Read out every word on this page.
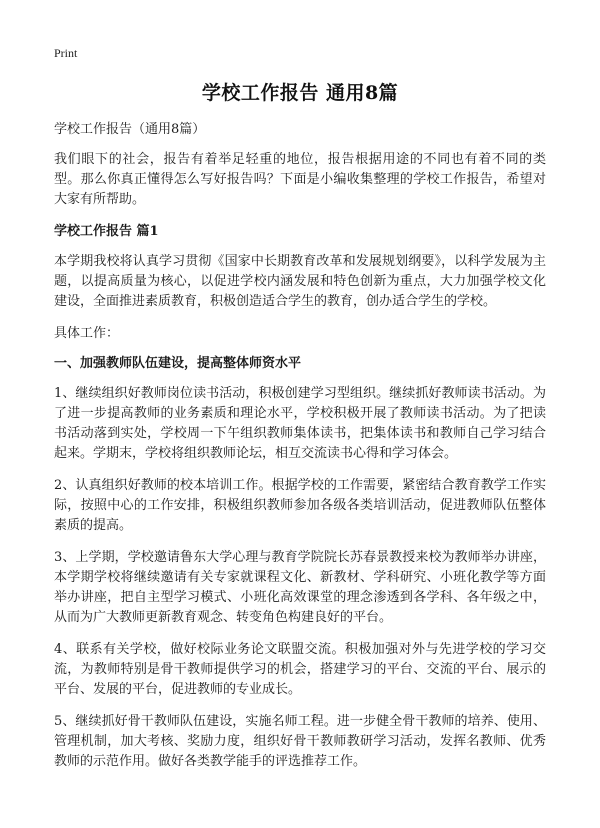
Print
学校工作报告 通用8篇

学校工作报告（通用8篇）

我们眼下的社会，报告有着举足轻重的地位，报告根据用途的不同也有着不同的类型。那么你真正懂得怎么写好报告吗？下面是小编收集整理的学校工作报告，希望对大家有所帮助。

学校工作报告 篇1

本学期我校将认真学习贯彻《国家中长期教育改革和发展规划纲要》，以科学发展为主题，以提高质量为核心，以促进学校内涵发展和特色创新为重点，大力加强学校文化建设，全面推进素质教育，积极创造适合学生的教育，创办适合学生的学校。

具体工作：

一、加强教师队伍建设，提高整体师资水平

1、继续组织好教师岗位读书活动，积极创建学习型组织。继续抓好教师读书活动。为了进一步提高教师的业务素质和理论水平，学校积极开展了教师读书活动。为了把读书活动落到实处，学校周一下午组织教师集体读书，把集体读书和教师自己学习结合起来。学期末，学校将组织教师论坛，相互交流读书心得和学习体会。

2、认真组织好教师的校本培训工作。根据学校的工作需要，紧密结合教育教学工作实际，按照中心的工作安排，积极组织教师参加各级各类培训活动，促进教师队伍整体素质的提高。

3、上学期，学校邀请鲁东大学心理与教育学院院长苏春景教授来校为教师举办讲座，本学期学校将继续邀请有关专家就课程文化、新教材、学科研究、小班化教学等方面举办讲座，把自主型学习模式、小班化高效课堂的理念渗透到各学科、各年级之中，从而为广大教师更新教育观念、转变角色构建良好的平台。

4、联系有关学校，做好校际业务论文联盟交流。积极加强对外与先进学校的学习交流，为教师特别是骨干教师提供学习的机会，搭建学习的平台、交流的平台、展示的平台、发展的平台，促进教师的专业成长。

5、继续抓好骨干教师队伍建设，实施名师工程。进一步健全骨干教师的培养、使用、管理机制，加大考核、奖励力度，组织好骨干教师教研学习活动，发挥名教师、优秀教师的示范作用。做好各类教学能手的评选推荐工作。
